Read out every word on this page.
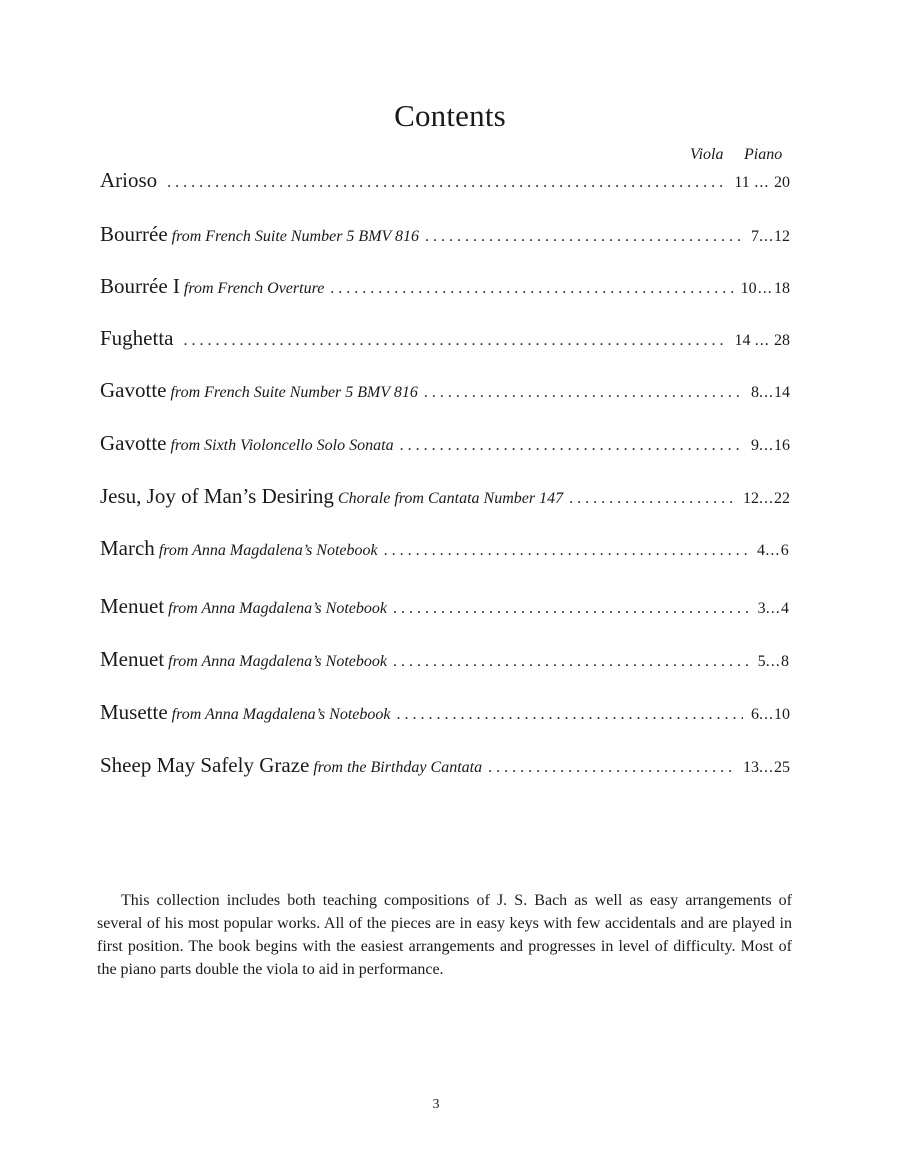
Contents
Viola Piano
Arioso . . .	11 ... 20
Bourrée from French Suite Number 5 BMV 816 . . .	7 ... 12
Bourrée I from French Overture . . .	10 ... 18
Fughetta . . .	14 ... 28
Gavotte from French Suite Number 5 BMV 816 . . .	8 ... 14
Gavotte from Sixth Violoncello Solo Sonata . . .	9 ... 16
Jesu, Joy of Man’s Desiring Chorale from Cantata Number 147 . . .	12 ... 22
March from Anna Magdalena’s Notebook . . .	4 ... 6
Menuet from Anna Magdalena’s Notebook . . .	3 ... 4
Menuet from Anna Magdalena’s Notebook . . .	5 ... 8
Musette from Anna Magdalena’s Notebook . . .	6 ... 10
Sheep May Safely Graze from the Birthday Cantata . . .	13 ... 25

This collection includes both teaching compositions of J. S. Bach as well as easy arrangements of several of his most popular works. All of the pieces are in easy keys with few accidentals and are played in first position. The book begins with the easiest arrangements and progresses in level of difficulty. Most of the piano parts double the viola to aid in performance.

3
